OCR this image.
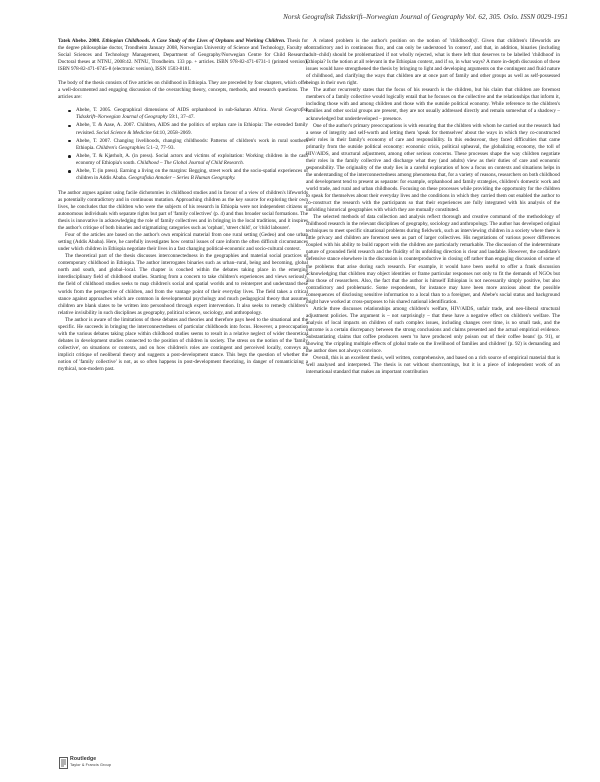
Norsk Geografisk Tidsskrift–Norwegian Journal of Geography Vol. 62, 305. Oslo. ISSN 0029-1951

Tatek Abebe. 2008. Ethiopian Childhoods. A Case Study of the Lives of Orphans and Working Children. Thesis for the degree philosophiae doctor, Trondheim January 2008, Norwegian University of Science and Technology, Faculty of Social Sciences and Technology Management, Department of Geography/Norwegian Centre for Child Research. Doctoral theses at NTNU, 2008:42. NTNU, Trondheim. 133 pp. + articles. ISBN 978-82-471-6731-1 (printed version), ISBN 978-82-471-6745-8 (electronic version), ISSN 1503-8181.

The body of the thesis consists of five articles on childhood in Ethiopia. They are preceded by four chapters, which offer a well-documented and engaging discussion of the overarching theory, concepts, methods, and research questions. The articles are:

Abebe, T. 2005. Geographical dimensions of AIDS orphanhood in sub-Saharan Africa. Norsk Geografisk Tidsskrift–Norwegian Journal of Geography 59:1, 37–47.
Abebe, T. & Aase, A. 2007. Children, AIDS and the politics of orphan care in Ethiopia: The extended family revisited. Social Science & Medicine 64:10, 2058–2069.
Abebe, T. 2007. Changing livelihoods, changing childhoods: Patterns of children's work in rural southern Ethiopia. Children's Geographies 5:1–2, 77–93.
Abebe, T. & Kjørholt, A. (in press). Social actors and victims of exploitation: Working children in the cash economy of Ethiopia's south. Childhood – The Global Journal of Child Research.
Abebe, T. (in press). Earning a living on the margins: Begging, street work and the socio-spatial experiences of children in Addis Ababa. Geografiska Annaler – Series B Human Geography.

The author argues against using facile dichotomies in childhood studies and in favour of a view of children's lifeworlds as potentially contradictory and in continuous mutation. Approaching children as the key source for exploring their own lives, he concludes that the children who were the subjects of his research in Ethiopia were not independent citizens or autonomous individuals with separate rights but part of 'family collectives' (p. 4) and thus broader social formations. The thesis is innovative in acknowledging the role of family collectives and in bringing in the local traditions, and it inspires the author's critique of both binaries and stigmatizing categories such as 'orphan', 'street child', or 'child labourer'.

Four of the articles are based on the author's own empirical material from one rural setting (Gedeo) and one urban setting (Addis Ababa). Here, he carefully investigates how central issues of care inform the often difficult circumstances under which children in Ethiopia negotiate their lives in a fast changing political-economic and socio-cultural context.

The theoretical part of the thesis discusses interconnectedness in the geographies and material social practices of contemporary childhood in Ethiopia. The author interrogates binaries such as urban–rural, being and becoming, global north and south, and global–local. The chapter is couched within the debates taking place in the emerging interdisciplinary field of childhood studies. Starting from a concern to take children's experiences and views seriously, the field of childhood studies seeks to map children's social and spatial worlds and to reinterpret and understand these worlds from the perspective of children, and from the vantage point of their everyday lives. The field takes a critical stance against approaches which are common in developmental psychology and much pedagogical theory that assumes children are blank slates to be written into personhood through expert intervention. It also seeks to remedy children's relative invisibility in such disciplines as geography, political science, sociology, and anthropology.

The author is aware of the limitations of these debates and theories and therefore pays heed to the situational and the specific. He succeeds in bringing the interconnectedness of particular childhoods into focus. However, a preoccupation with the various debates taking place within childhood studies seems to result in a relative neglect of wider theoretical debates in development studies connected to the position of children in society. The stress on the notion of the 'family collective', on situations or contexts, and on how children's roles are contingent and perceived locally, conveys an implicit critique of neoliberal theory and suggests a post-development stance. This begs the question of whether the notion of 'family collective' is not, as so often happens in post-development theorizing, in danger of romanticizing a mythical, non-modern past.

A related problem is the author's position on the notion of 'childhood(s)'. Given that children's lifeworlds are contradictory and in continuous flux, and can only be understood 'in context', and that, in addition, binaries (including adult–child) should be problematized if not wholly rejected, what is there left that deserves to be labelled 'childhood' in Ethiopia? Is the notion at all relevant in the Ethiopian context, and if so, in what ways? A more in-depth discussion of these issues would have strengthened the thesis by bringing to light and developing arguments on the contingent and fluid nature of childhood, and clarifying the ways that children are at once part of family and other groups as well as self-possessed beings in their own right.

The author recurrently states that the focus of his research is the children, but his claim that children are foremost members of a family collective would logically entail that he focuses on the collective and the relationships that inform it, including those with and among children and those with the outside political economy. While reference to the children's families and other social groups are present, they are not usually addressed directly and remain somewhat of a shadowy – acknowledged but underdeveloped – presence.

One of the author's primary preoccupations is with ensuring that the children with whom he carried out the research had a sense of integrity and self-worth and letting them 'speak for themselves' about the ways in which they co-constructed their roles in their family's economy of care and responsibility. In this endeavour, they faced difficulties that came primarily from the outside political economy: economic crisis, political upheaval, the globalizing economy, the toll of HIV/AIDS, and structural adjustment, among other serious concerns. These processes shape the way children negotiate their roles in the family collective and discharge what they (and adults) view as their duties of care and economic responsibility. The originality of the study lies in a careful exploration of how a focus on contexts and situations helps in the understanding of the interconnectedness among phenomena that, for a variety of reasons, researchers on both childhood and development tend to present as separate: for example, orphanhood and family strategies, children's domestic work and world trade, and rural and urban childhoods. Focusing on these processes while providing the opportunity for the children to speak for themselves about their everyday lives and the conditions in which they carried them out enabled the author to co-construct the research with the participants so that their experiences are fully integrated with his analysis of the unfolding historical geographies with which they are mutually constituted.

The selected methods of data collection and analysis reflect thorough and creative command of the methodology of childhood research in the relevant disciplines of geography, sociology and anthropology. The author has developed original techniques to meet specific situational problems during fieldwork, such as interviewing children in a society where there is little privacy and children are foremost seen as part of larger collectives. His negotiations of various power differences coupled with his ability to build rapport with the children are particularly remarkable. The discussion of the indeterminate nature of grounded field research and the fluidity of its unfolding direction is clear and laudable. However, the candidate's defensive stance elsewhere in the discussion is counterproductive in closing off rather than engaging discussion of some of the problems that arise during such research. For example, it would have been useful to offer a frank discussion acknowledging that children may object identities or frame particular responses not only to fit the demands of NGOs but also those of researchers. Also, the fact that the author is himself Ethiopian is not necessarily simply positive, but also contradictory and problematic. Some respondents, for instance may have been more anxious about the possible consequences of disclosing sensitive information to a local than to a foreigner, and Abebe's social status and background might have worked at cross-purposes to his shared national identification.

Article three discusses relationships among children's welfare, HIV/AIDS, unfair trade, and neo-liberal structural adjustment policies. The argument is – not surprisingly – that these have a negative effect on children's welfare. The analysis of local impacts on children of such complex issues, including changes over time, is no small task, and the outcome is a certain discrepancy between the strong conclusions and claims presented and the actual empirical evidence. Substantiating claims that coffee producers seem 'to have produced only poison out of their coffee beans' (p. 91), or showing 'the crippling multiple effects of global trade on the livelihood of families and children' (p. 92) is demanding and the author does not always convince.

Overall, this is an excellent thesis, well written, comprehensive, and based on a rich source of empirical material that is well analysed and interpreted. The thesis is not without shortcomings, but it is a piece of independent work of an international standard that makes an important contribution

Routledge
Taylor & Francis Group
